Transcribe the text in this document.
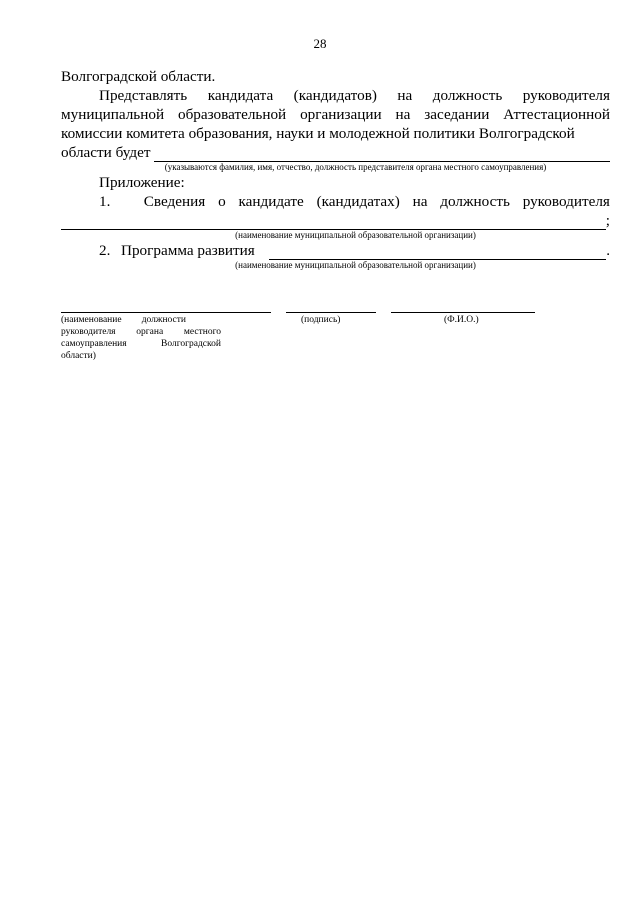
28

Волгоградской области.

Представлять кандидата (кандидатов) на должность руководителя муниципальной образовательной организации на заседании Аттестационной комиссии комитета образования, науки и молодежной политики Волгоградской

области будет
(указываются фамилия, имя, отчество, должность представителя органа местного самоуправления)

Приложение:

1.	Сведения о кандидате (кандидатах) на должность руководителя
;
(наименование муниципальной образовательной организации)
2. Программа развития	.
(наименование муниципальной образовательной организации)
(наименование должности
руководителя органа местного
самоуправления	Волгоградской
области)
(подпись)	(Ф.И.О.)
